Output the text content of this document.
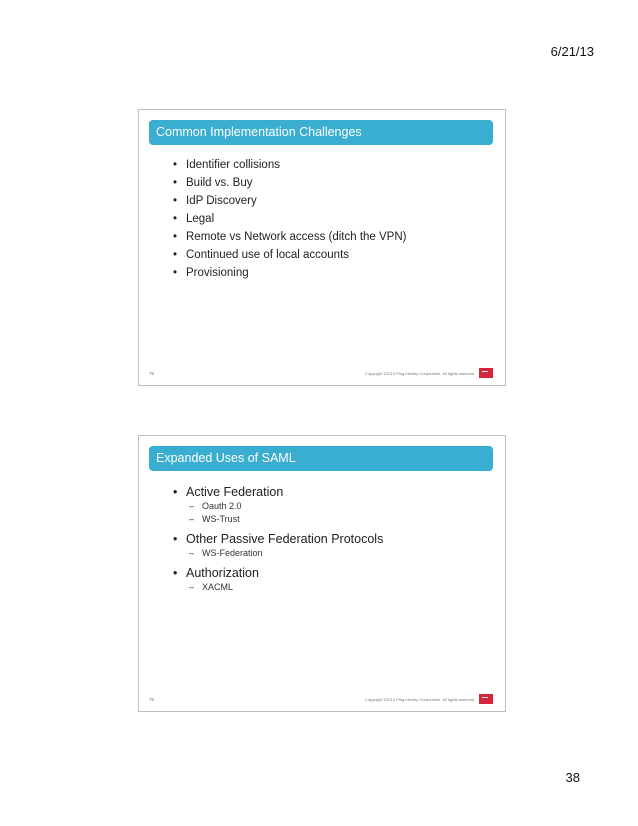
6/21/13
Common Implementation Challenges
• Identifier collisions
• Build vs. Buy
• IdP Discovery
• Legal
• Remote vs Network access (ditch the VPN)
• Continued use of local accounts
• Provisioning
75	Copyright ©2013 Ping Identity Corporation. All rights reserved.
Expanded Uses of SAML
• Active Federation
– Oauth 2.0
– WS-Trust
• Other Passive Federation Protocols
– WS-Federation
• Authorization
– XACML
76	Copyright ©2013 Ping Identity Corporation. All rights reserved.
38
